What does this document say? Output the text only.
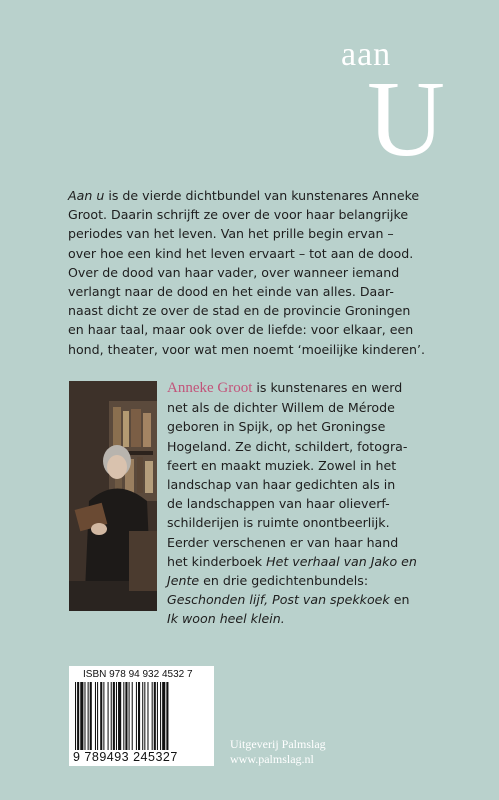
aan
U

Aan u is de vierde dichtbundel van kunstenares Anneke
Groot. Daarin schrijft ze over de voor haar belangrijke
periodes van het leven. Van het prille begin ervan –
over hoe een kind het leven ervaart – tot aan de dood.
Over de dood van haar vader, over wanneer iemand
verlangt naar de dood en het einde van alles. Daar-
naast dicht ze over de stad en de provincie Groningen
en haar taal, maar ook over de liefde: voor elkaar, een
hond, theater, voor wat men noemt ‘moeilijke kinderen’.

Anneke Groot is kunstenares en werd
net als de dichter Willem de Mérode
geboren in Spijk, op het Groningse
Hogeland. Ze dicht, schildert, fotogra-
feert en maakt muziek. Zowel in het
landschap van haar gedichten als in
de landschappen van haar olieverf-
schilderijen is ruimte onontbeerlijk.
Eerder verschenen er van haar hand
het kinderboek Het verhaal van Jako en
Jente en drie gedichtenbundels:
Geschonden lijf, Post van spekkoek en
Ik woon heel klein.
ISBN 978 94 932 4532 7
9 789493 245327
Uitgeverij Palmslag
www.palmslag.nl
